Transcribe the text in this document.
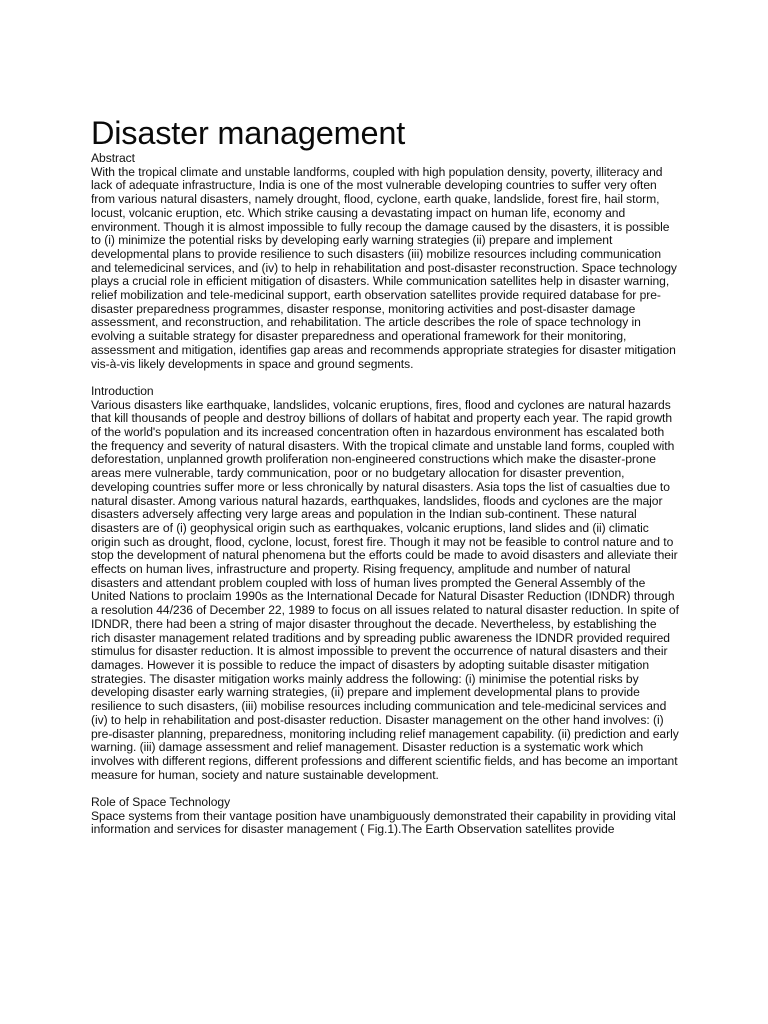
Disaster management
Abstract
With the tropical climate and unstable landforms, coupled with high population density, poverty, illiteracy and lack of adequate infrastructure, India is one of the most vulnerable developing countries to suffer very often from various natural disasters, namely drought, flood, cyclone, earth quake, landslide, forest fire, hail storm, locust, volcanic eruption, etc. Which strike causing a devastating impact on human life, economy and environment. Though it is almost impossible to fully recoup the damage caused by the disasters, it is possible to (i) minimize the potential risks by developing early warning strategies (ii) prepare and implement developmental plans to provide resilience to such disasters (iii) mobilize resources including communication and telemedicinal services, and (iv) to help in rehabilitation and post-disaster reconstruction. Space technology plays a crucial role in efficient mitigation of disasters. While communication satellites help in disaster warning, relief mobilization and tele-medicinal support, earth observation satellites provide required database for pre-disaster preparedness programmes, disaster response, monitoring activities and post-disaster damage assessment, and reconstruction, and rehabilitation. The article describes the role of space technology in evolving a suitable strategy for disaster preparedness and operational framework for their monitoring, assessment and mitigation, identifies gap areas and recommends appropriate strategies for disaster mitigation vis-à-vis likely developments in space and ground segments.
Introduction
Various disasters like earthquake, landslides, volcanic eruptions, fires, flood and cyclones are natural hazards that kill thousands of people and destroy billions of dollars of habitat and property each year. The rapid growth of the world's population and its increased concentration often in hazardous environment has escalated both the frequency and severity of natural disasters. With the tropical climate and unstable land forms, coupled with deforestation, unplanned growth proliferation non-engineered constructions which make the disaster-prone areas mere vulnerable, tardy communication, poor or no budgetary allocation for disaster prevention, developing countries suffer more or less chronically by natural disasters. Asia tops the list of casualties due to natural disaster. Among various natural hazards, earthquakes, landslides, floods and cyclones are the major disasters adversely affecting very large areas and population in the Indian sub-continent. These natural disasters are of (i) geophysical origin such as earthquakes, volcanic eruptions, land slides and (ii) climatic origin such as drought, flood, cyclone, locust, forest fire. Though it may not be feasible to control nature and to stop the development of natural phenomena but the efforts could be made to avoid disasters and alleviate their effects on human lives, infrastructure and property. Rising frequency, amplitude and number of natural disasters and attendant problem coupled with loss of human lives prompted the General Assembly of the United Nations to proclaim 1990s as the International Decade for Natural Disaster Reduction (IDNDR) through a resolution 44/236 of December 22, 1989 to focus on all issues related to natural disaster reduction. In spite of IDNDR, there had been a string of major disaster throughout the decade. Nevertheless, by establishing the rich disaster management related traditions and by spreading public awareness the IDNDR provided required stimulus for disaster reduction. It is almost impossible to prevent the occurrence of natural disasters and their damages. However it is possible to reduce the impact of disasters by adopting suitable disaster mitigation strategies. The disaster mitigation works mainly address the following: (i) minimise the potential risks by developing disaster early warning strategies, (ii) prepare and implement developmental plans to provide resilience to such disasters, (iii) mobilise resources including communication and tele-medicinal services and (iv) to help in rehabilitation and post-disaster reduction. Disaster management on the other hand involves: (i) pre-disaster planning, preparedness, monitoring including relief management capability. (ii) prediction and early warning. (iii) damage assessment and relief management. Disaster reduction is a systematic work which involves with different regions, different professions and different scientific fields, and has become an important measure for human, society and nature sustainable development.
Role of Space Technology
Space systems from their vantage position have unambiguously demonstrated their capability in providing vital information and services for disaster management ( Fig.1).The Earth Observation satellites provide
